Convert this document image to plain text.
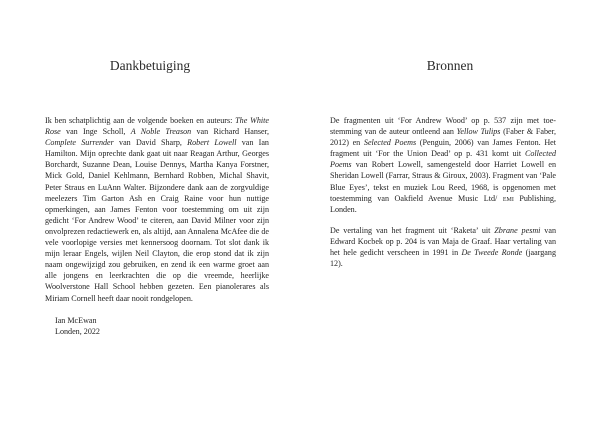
Dankbetuiging

Ik ben schatplichtig aan de volgende boeken en auteurs: The White Rose van Inge Scholl, A Noble Treason van Richard Hanser, Complete Surrender van David Sharp, Robert Lowell van Ian Hamilton. Mijn oprechte dank gaat uit naar Reagan Arthur, Georges Borchardt, Suzanne Dean, Louise Dennys, Martha Kanya Forstner, Mick Gold, Daniel Kehlmann, Bernhard Robben, Michal Shavit, Peter Straus en LuAnn Walter. Bijzondere dank aan de zorgvuldige meelezers Tim Garton Ash en Craig Raine voor hun nuttige opmerkingen, aan James Fenton voor toestemming om uit zijn gedicht ‘For Andrew Wood’ te citeren, aan David Milner voor zijn onvolprezen redactiewerk en, als altijd, aan Annalena McAfee die de vele voorlopige versies met kennersoog doornam. Tot slot dank ik mijn leraar Engels, wijlen Neil Clayton, die erop stond dat ik zijn naam ongewijzigd zou gebruiken, en zend ik een warme groet aan alle jongens en leerkrachten die op die vreemde, heerlijke Woolverstone Hall School hebben gezeten. Een pianolerares als Miriam Cornell heeft daar nooit rondgelopen.

Ian McEwan
Londen, 2022
Bronnen

De fragmenten uit ‘For Andrew Wood’ op p. 537 zijn met toestemming van de auteur ontleend aan Yellow Tulips (Faber & Faber, 2012) en Selected Poems (Penguin, 2006) van James Fenton. Het fragment uit ‘For the Union Dead’ op p. 431 komt uit Collected Poems van Robert Lowell, samengesteld door Harriet Lowell en Sheridan Lowell (Farrar, Straus & Giroux, 2003). Fragment van ‘Pale Blue Eyes’, tekst en muziek Lou Reed, 1968, is opgenomen met toestemming van Oakfield Avenue Music Ltd/ emi Publishing, Londen.

De vertaling van het fragment uit ‘Raketa’ uit Zbrane pesmi van Edward Kocbek op p. 204 is van Maja de Graaf. Haar vertaling van het hele gedicht verscheen in 1991 in De Tweede Ronde (jaargang 12).
